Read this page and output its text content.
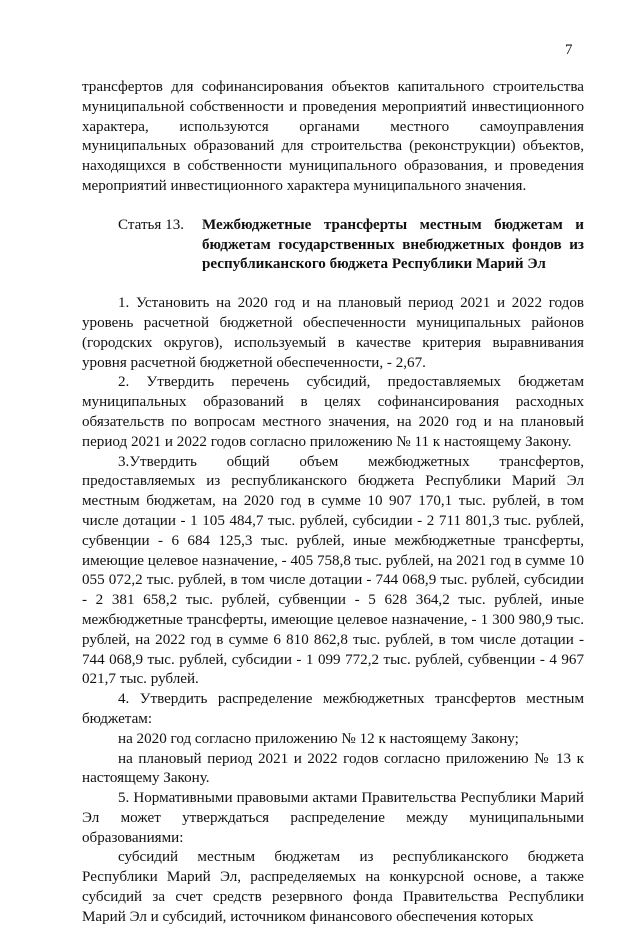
7

трансфертов для софинансирования объектов капитального строительства муниципальной собственности и проведения мероприятий инвестиционного характера, используются органами местного самоуправления муниципальных образований для строительства (реконструкции) объектов, находящихся в собственности муниципального образования, и проведения мероприятий инвестиционного характера муниципального значения.

Статья 13.	Межбюджетные трансферты местным бюджетам и бюджетам государственных внебюджетных фондов из республиканского бюджета Республики Марий Эл

1. Установить на 2020 год и на плановый период 2021 и 2022 годов уровень расчетной бюджетной обеспеченности муниципальных районов (городских округов), используемый в качестве критерия выравнивания уровня расчетной бюджетной обеспеченности, - 2,67.

2. Утвердить перечень субсидий, предоставляемых бюджетам муниципальных образований в целях софинансирования расходных обязательств по вопросам местного значения, на 2020 год и на плановый период 2021 и 2022 годов согласно приложению № 11 к настоящему Закону.

3.Утвердить общий объем межбюджетных трансфертов, предоставляемых из республиканского бюджета Республики Марий Эл местным бюджетам, на 2020 год в сумме 10 907 170,1 тыс. рублей, в том числе дотации - 1 105 484,7 тыс. рублей, субсидии - 2 711 801,3 тыс. рублей, субвенции - 6 684 125,3 тыс. рублей, иные межбюджетные трансферты, имеющие целевое назначение, - 405 758,8 тыс. рублей, на 2021 год в сумме 10 055 072,2 тыс. рублей, в том числе дотации - 744 068,9 тыс. рублей, субсидии - 2 381 658,2 тыс. рублей, субвенции - 5 628 364,2 тыс. рублей, иные межбюджетные трансферты, имеющие целевое назначение, - 1 300 980,9 тыс. рублей, на 2022 год в сумме 6 810 862,8 тыс. рублей, в том числе дотации - 744 068,9 тыс. рублей, субсидии - 1 099 772,2 тыс. рублей, субвенции - 4 967 021,7 тыс. рублей.

4. Утвердить распределение межбюджетных трансфертов местным бюджетам:

на 2020 год согласно приложению № 12 к настоящему Закону;

на плановый период 2021 и 2022 годов согласно приложению № 13 к настоящему Закону.

5. Нормативными правовыми актами Правительства Республики Марий Эл может утверждаться распределение между муниципальными образованиями:

субсидий местным бюджетам из республиканского бюджета Республики Марий Эл, распределяемых на конкурсной основе, а также субсидий за счет средств резервного фонда Правительства Республики Марий Эл и субсидий, источником финансового обеспечения которых
